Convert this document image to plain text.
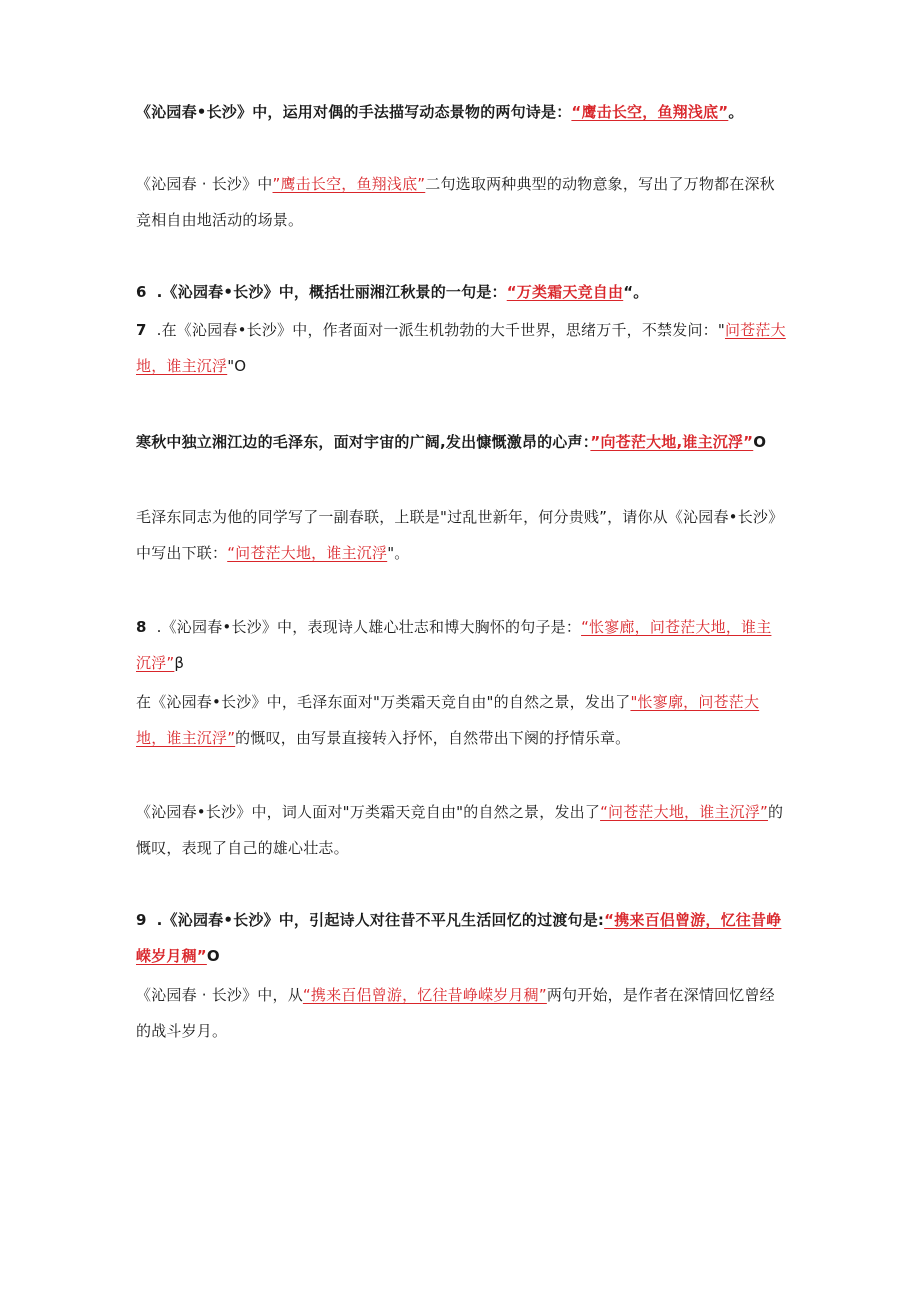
《沁园春•长沙》中，运用对偶的手法描写动态景物的两句诗是：“鹰击长空，鱼翔浅底”。

《沁园春 · 长沙》中”鹰击长空，鱼翔浅底”二句选取两种典型的动物意象，写出了万物都在深秋竞相自由地活动的场景。

6 .《沁园春•长沙》中，概括壮丽湘江秋景的一句是：“万类霜天竞自由“。

7 .在《沁园春•长沙》中，作者面对一派生机勃勃的大千世界，思绪万千，不禁发问："问苍茫大地，谁主沉浮"O

寒秋中独立湘江边的毛泽东，面对宇宙的广阔,发出慷慨激昂的心声：”向苍茫大地,谁主沉浮”O

毛泽东同志为他的同学写了一副春联，上联是"过乱世新年，何分贵贱”，请你从《沁园春•长沙》中写出下联：“问苍茫大地，谁主沉浮"。

8 .《沁园春•长沙》中，表现诗人雄心壮志和博大胸怀的句子是：“怅寥廊，问苍茫大地，谁主沉浮”β

在《沁园春•长沙》中，毛泽东面对"万类霜天竞自由"的自然之景，发出了"怅寥廓，问苍茫大地，谁主沉浮”的慨叹，由写景直接转入抒怀，自然带出下阕的抒情乐章。

《沁园春•长沙》中，词人面对"万类霜天竞自由"的自然之景，发出了“问苍茫大地，谁主沉浮”的慨叹，表现了自己的雄心壮志。

9 .《沁园春•长沙》中，引起诗人对往昔不平凡生活回忆的过渡句是:“携来百侣曾游，忆往昔峥嵘岁月稠”O

《沁园春 · 长沙》中，从“携来百侣曾游，忆往昔峥嵘岁月稠”两句开始，是作者在深情回忆曾经的战斗岁月。
